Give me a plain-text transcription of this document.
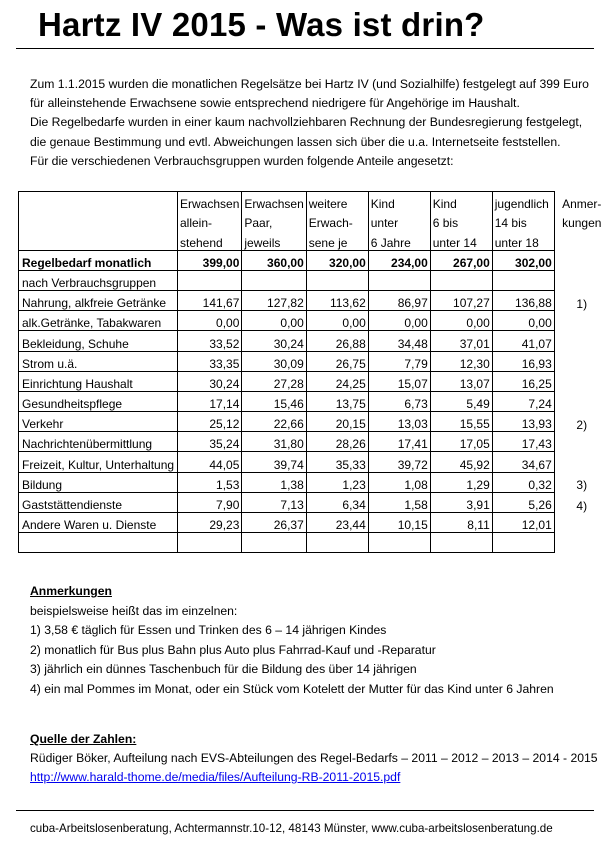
Hartz IV 2015 - Was ist drin?
Zum 1.1.2015 wurden die monatlichen Regelsätze bei Hartz IV (und Sozialhilfe) festgelegt auf 399 Euro
für alleinstehende Erwachsene sowie entsprechend niedrigere für Angehörige im Haushalt.
Die Regelbedarfe wurden in einer kaum nachvollziehbaren Rechnung der Bundesregierung festgelegt,
die genaue Bestimmung und evtl. Abweichungen lassen sich über die u.a. Internetseite feststellen.
Für die verschiedenen Verbrauchsgruppen wurden folgende Anteile angesetzt:
	Erwachsen	Erwachsen	weitere	Kind	Kind	jugendlich	Anmer-
	allein-	Paar,	Erwach-	unter	6 bis	14 bis	kungen
	stehend	jeweils	sene je	6 Jahre	unter 14	unter 18	
Regelbedarf monatlich	399,00	360,00	320,00	234,00	267,00	302,00	
nach Verbrauchsgruppen							
Nahrung, alkfreie Getränke	141,67	127,82	113,62	86,97	107,27	136,88	1)
alk.Getränke, Tabakwaren	0,00	0,00	0,00	0,00	0,00	0,00	
Bekleidung, Schuhe	33,52	30,24	26,88	34,48	37,01	41,07	
Strom u.ä.	33,35	30,09	26,75	7,79	12,30	16,93	
Einrichtung Haushalt	30,24	27,28	24,25	15,07	13,07	16,25	
Gesundheitspflege	17,14	15,46	13,75	6,73	5,49	7,24	
Verkehr	25,12	22,66	20,15	13,03	15,55	13,93	2)
Nachrichtenübermittlung	35,24	31,80	28,26	17,41	17,05	17,43	
Freizeit, Kultur, Unterhaltung	44,05	39,74	35,33	39,72	45,92	34,67	
Bildung	1,53	1,38	1,23	1,08	1,29	0,32	3)
Gaststättendienste	7,90	7,13	6,34	1,58	3,91	5,26	4)
Andere Waren u. Dienste	29,23	26,37	23,44	10,15	8,11	12,01	

Anmerkungen
beispielsweise heißt das im einzelnen:
1) 3,58 € täglich für Essen und Trinken des 6 – 14 jährigen Kindes
2) monatlich für Bus plus Bahn plus Auto plus Fahrrad-Kauf und -Reparatur
3) jährlich ein dünnes Taschenbuch für die Bildung des über 14 jährigen
4) ein mal Pommes im Monat, oder ein Stück vom Kotelett der Mutter für das Kind unter 6 Jahren
Quelle der Zahlen:
Rüdiger Böker, Aufteilung nach EVS-Abteilungen des Regel-Bedarfs – 2011 – 2012 – 2013 – 2014 - 2015
http://www.harald-thome.de/media/files/Aufteilung-RB-2011-2015.pdf
cuba-Arbeitslosenberatung, Achtermannstr.10-12, 48143 Münster, www.cuba-arbeitslosenberatung.de
